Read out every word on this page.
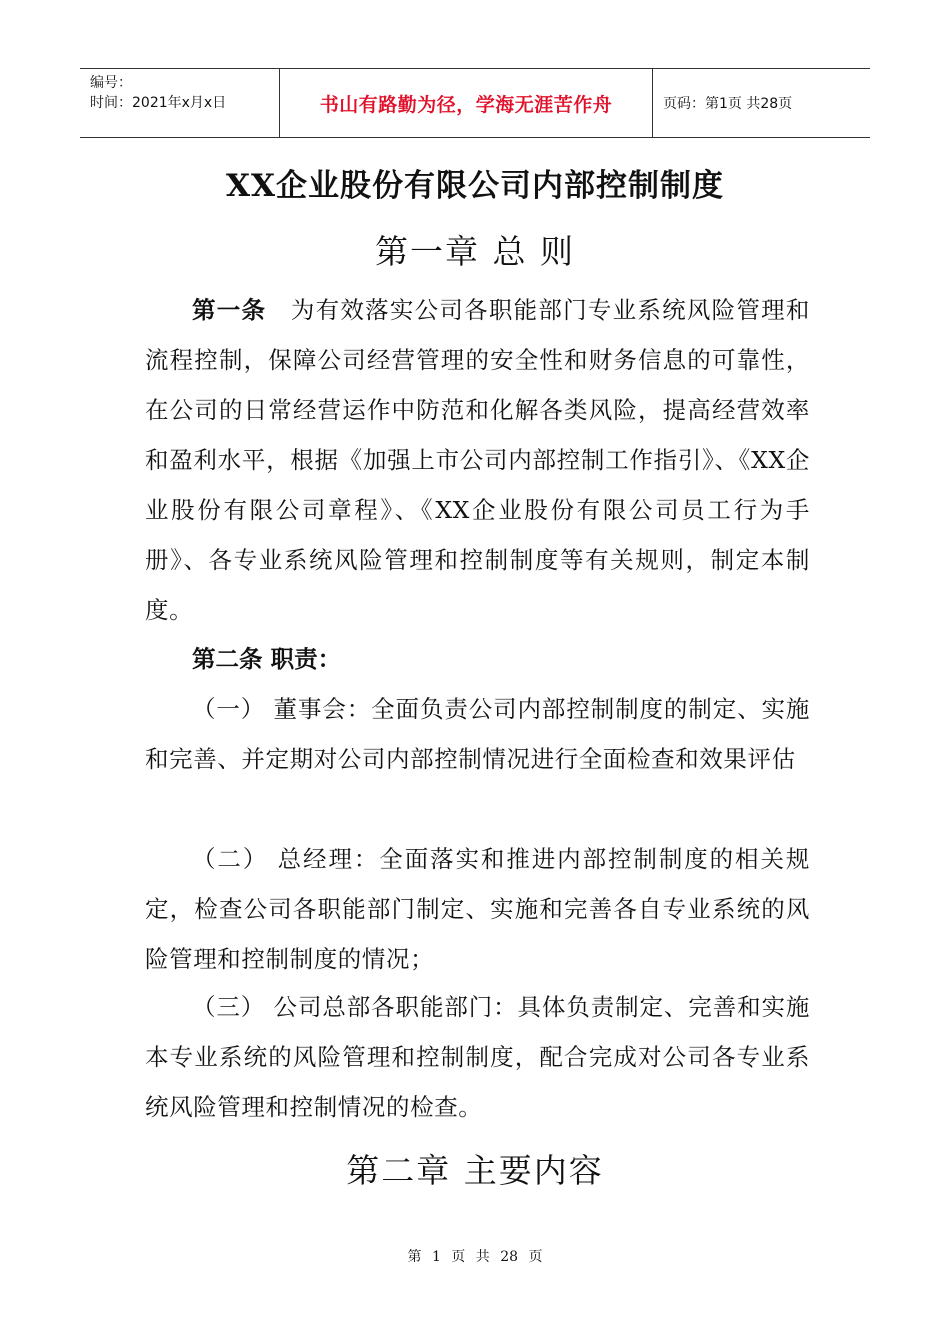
编号：
时间：2021年x月x日	书山有路勤为径，学海无涯苦作舟	页码：第1页 共28页
XX企业股份有限公司内部控制制度
第一章 总 则
第一条 为有效落实公司各职能部门专业系统风险管理和流程控制，保障公司经营管理的安全性和财务信息的可靠性，在公司的日常经营运作中防范和化解各类风险，提高经营效率和盈利水平，根据《加强上市公司内部控制工作指引》、《XX企业股份有限公司章程》、《XX企业股份有限公司员工行为手册》、各专业系统风险管理和控制制度等有关规则，制定本制度。
第二条 职责：
（一） 董事会：全面负责公司内部控制制度的制定、实施和完善、并定期对公司内部控制情况进行全面检查和效果评估
（二） 总经理：全面落实和推进内部控制制度的相关规定，检查公司各职能部门制定、实施和完善各自专业系统的风险管理和控制制度的情况；
（三） 公司总部各职能部门：具体负责制定、完善和实施本专业系统的风险管理和控制制度，配合完成对公司各专业系统风险管理和控制情况的检查。
第二章 主要内容
第 1 页 共 28 页
